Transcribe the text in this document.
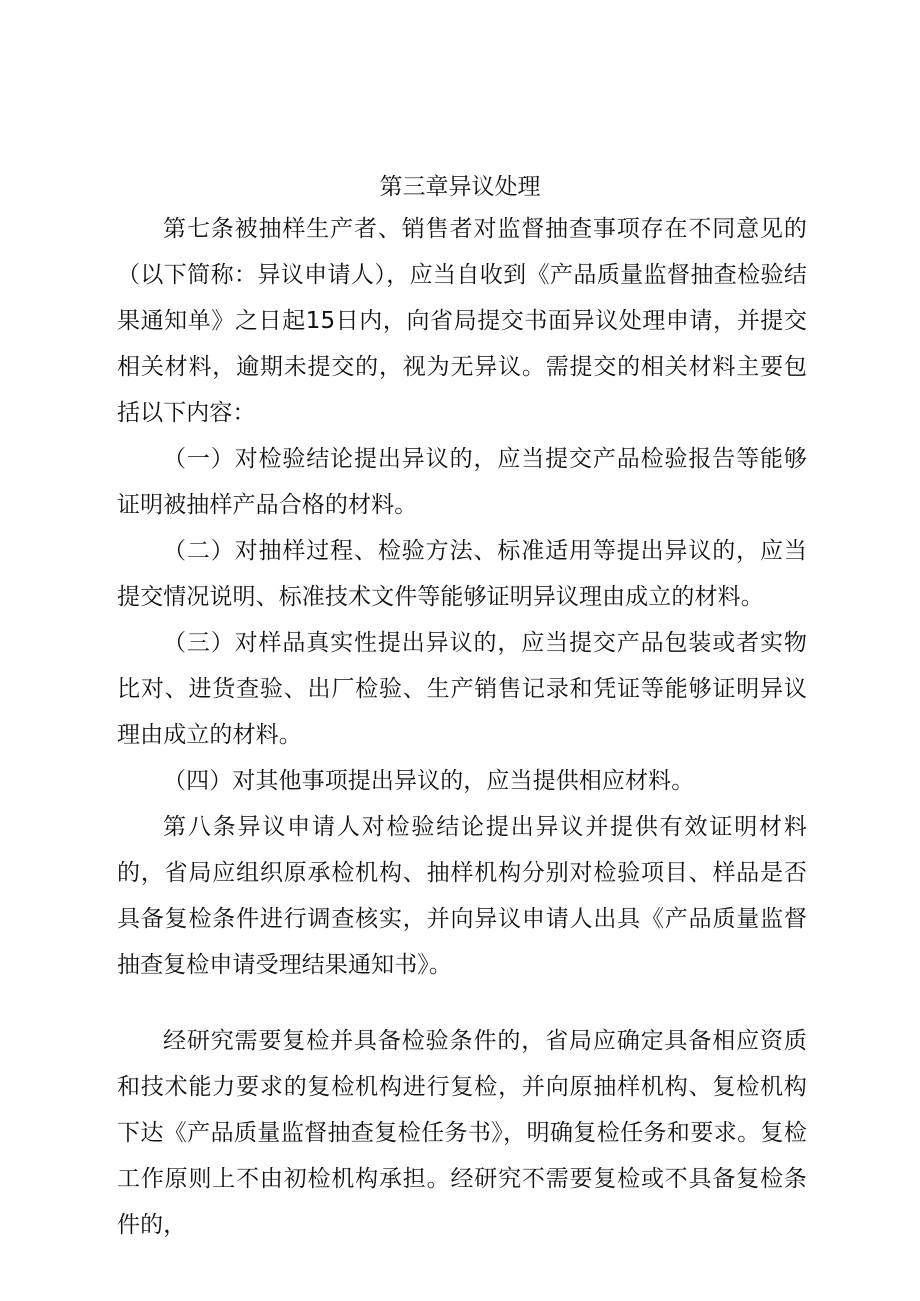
第三章异议处理

第七条被抽样生产者、销售者对监督抽查事项存在不同意见的（以下简称：异议申请人），应当自收到《产品质量监督抽查检验结果通知单》之日起15日内，向省局提交书面异议处理申请，并提交相关材料，逾期未提交的，视为无异议。需提交的相关材料主要包括以下内容：

（一）对检验结论提出异议的，应当提交产品检验报告等能够证明被抽样产品合格的材料。

（二）对抽样过程、检验方法、标准适用等提出异议的，应当提交情况说明、标准技术文件等能够证明异议理由成立的材料。

（三）对样品真实性提出异议的，应当提交产品包装或者实物比对、进货查验、出厂检验、生产销售记录和凭证等能够证明异议理由成立的材料。

（四）对其他事项提出异议的，应当提供相应材料。

第八条异议申请人对检验结论提出异议并提供有效证明材料的，省局应组织原承检机构、抽样机构分别对检验项目、样品是否具备复检条件进行调查核实，并向异议申请人出具《产品质量监督抽查复检申请受理结果通知书》。

经研究需要复检并具备检验条件的，省局应确定具备相应资质和技术能力要求的复检机构进行复检，并向原抽样机构、复检机构下达《产品质量监督抽查复检任务书》，明确复检任务和要求。复检工作原则上不由初检机构承担。经研究不需要复检或不具备复检条件的，
